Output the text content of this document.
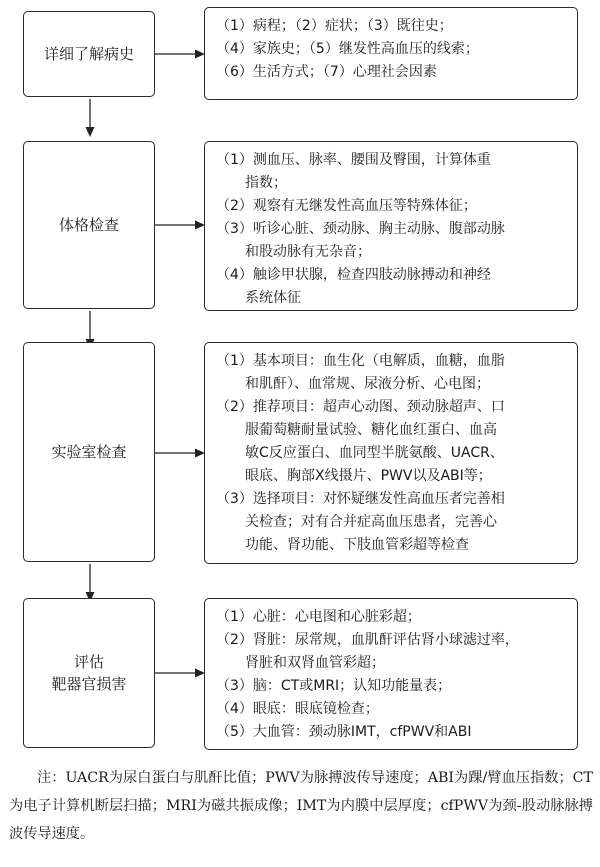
详细了解病史
（1）病程；（2）症状；（3）既往史；
（4）家族史；（5）继发性高血压的线索；
（6）生活方式；（7）心理社会因素
体格检查
（1）测血压、脉率、腰围及臀围，计算体重
指数；
（2）观察有无继发性高血压等特殊体征；
（3）听诊心脏、颈动脉、胸主动脉、腹部动脉
和股动脉有无杂音；
（4）触诊甲状腺，检查四肢动脉搏动和神经
系统体征
实验室检查
（1）基本项目：血生化（电解质，血糖，血脂
和肌酐）、血常规、尿液分析、心电图；
（2）推荐项目：超声心动图、颈动脉超声、口
服葡萄糖耐量试验、糖化血红蛋白、血高
敏C反应蛋白、血同型半胱氨酸、UACR、
眼底、胸部X线摄片、PWV以及ABI等；
（3）选择项目：对怀疑继发性高血压者完善相
关检查；对有合并症高血压患者，完善心
功能、肾功能、下肢血管彩超等检查
评估
靶器官损害
（1）心脏：心电图和心脏彩超；
（2）肾脏：尿常规，血肌酐评估肾小球滤过率，
肾脏和双肾血管彩超；
（3）脑：CT或MRI；认知功能量表；
（4）眼底：眼底镜检查；
（5）大血管：颈动脉IMT，cfPWV和ABI
注：UACR为尿白蛋白与肌酐比值；PWV为脉搏波传导速度；ABI为踝/臂血压指数；CT为电子计算机断层扫描；MRI为磁共振成像；IMT为内膜中层厚度；cfPWV为颈-股动脉脉搏波传导速度。
